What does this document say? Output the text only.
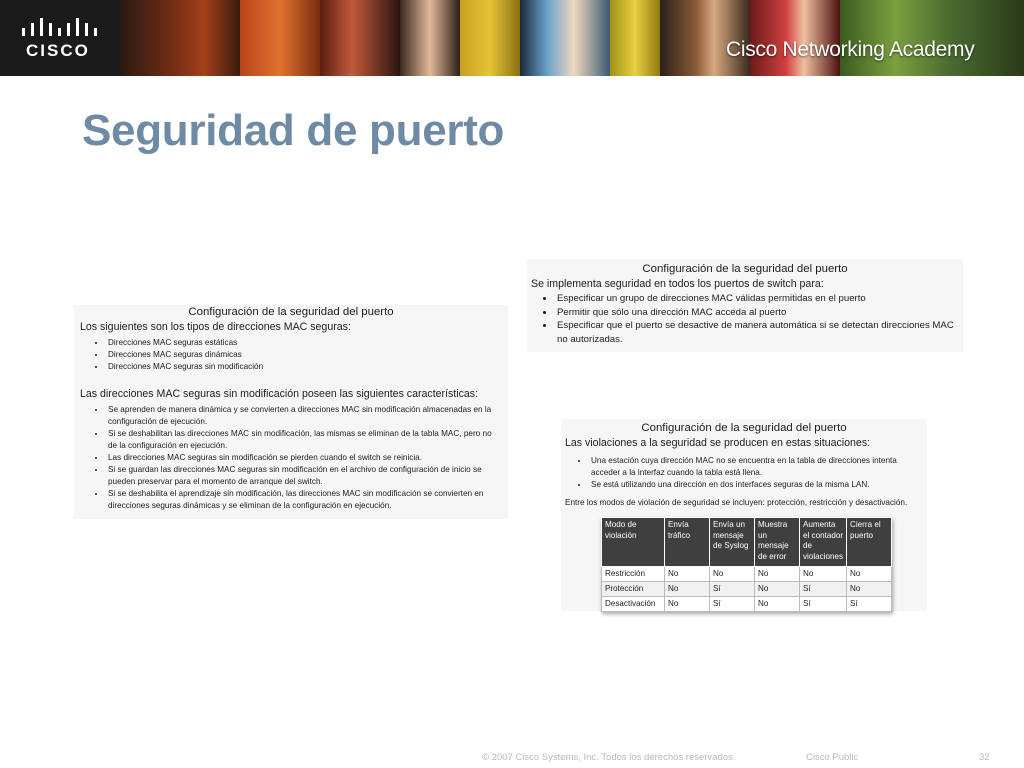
CISCO	Cisco Networking Academy
Seguridad de puerto
Configuración de la seguridad del puerto
Los siguientes son los tipos de direcciones MAC seguras:
• Direcciones MAC seguras estáticas
• Direcciones MAC seguras dinámicas
• Direcciones MAC seguras sin modificación
Las direcciones MAC seguras sin modificación poseen las siguientes características:
• Se aprenden de manera dinámica y se convierten a direcciones MAC sin modificación almacenadas en la configuración de ejecución.
• Si se deshabilitan las direcciones MAC sin modificación, las mismas se eliminan de la tabla MAC, pero no de la configuración en ejecución.
• Las direcciones MAC seguras sin modificación se pierden cuando el switch se reinicia.
• Si se guardan las direcciones MAC seguras sin modificación en el archivo de configuración de inicio se pueden preservar para el momento de arranque del switch.
• Si se deshabilita el aprendizaje sin modificación, las direcciones MAC sin modificación se convierten en direcciones seguras dinámicas y se eliminan de la configuración en ejecución.
Configuración de la seguridad del puerto
Se implementa seguridad en todos los puertos de switch para:
• Especificar un grupo de direcciones MAC válidas permitidas en el puerto
• Permitir que sólo una dirección MAC acceda al puerto
• Especificar que el puerto se desactive de manera automática si se detectan direcciones MAC no autorizadas.
Configuración de la seguridad del puerto
Las violaciones a la seguridad se producen en estas situaciones:
• Una estación cuya dirección MAC no se encuentra en la tabla de direcciones intenta acceder a la interfaz cuando la tabla está llena.
• Se está utilizando una dirección en dos interfaces seguras de la misma LAN.
Entre los modos de violación de seguridad se incluyen: protección, restricción y desactivación.
Modo de violación	Envía tráfico	Envía un mensaje de Syslog	Muestra un mensaje de error	Aumenta el contador de violaciones	Cierra el puerto
Restricción	No	No	No	No	No
Protección	No	Sí	No	Sí	No
Desactivación	No	Sí	No	Sí	Sí
© 2007 Cisco Systems, Inc. Todos los derechos reservados.	Cisco Public	32
